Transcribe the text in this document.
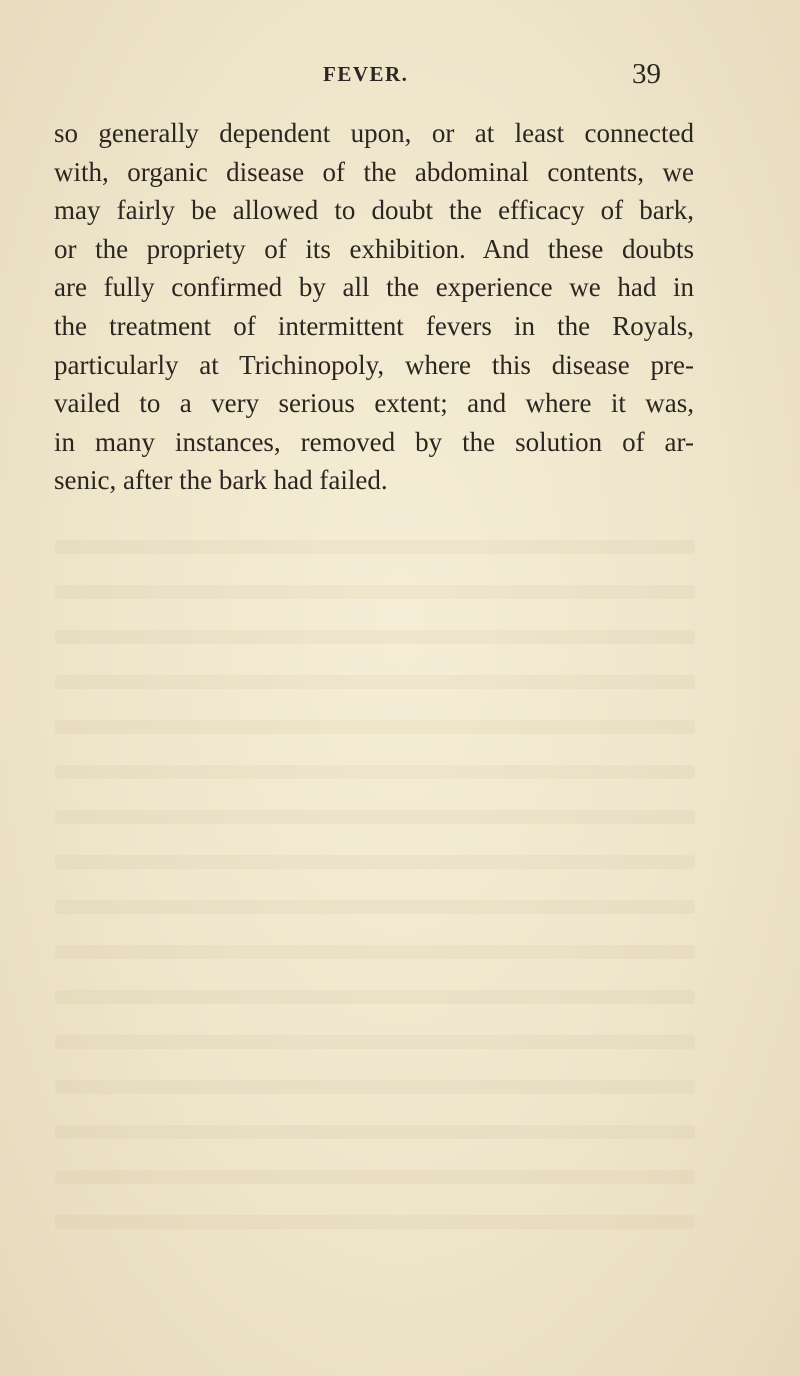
FEVER.	39
so generally dependent upon, or at least connected
with, organic disease of the abdominal contents, we
may fairly be allowed to doubt the efficacy of bark,
or the propriety of its exhibition. And these doubts
are fully confirmed by all the experience we had in
the treatment of intermittent fevers in the Royals,
particularly at Trichinopoly, where this disease pre-
vailed to a very serious extent; and where it was,
in many instances, removed by the solution of ar-
senic, after the bark had failed.
